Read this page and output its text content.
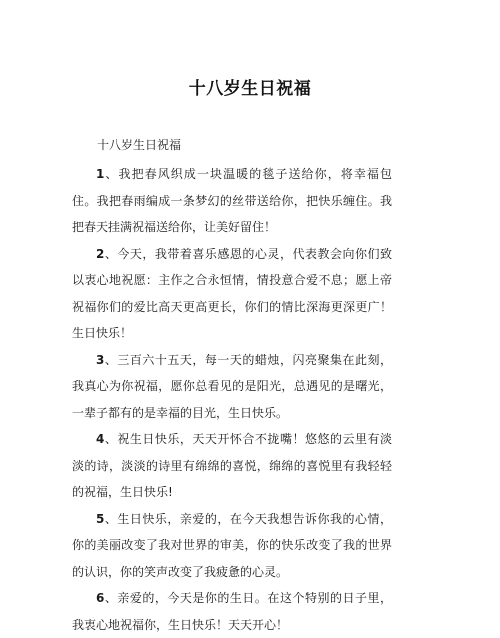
十八岁生日祝福
十八岁生日祝福

1、我把春风织成一块温暖的毯子送给你，将幸福包住。我把春雨编成一条梦幻的丝带送给你，把快乐缠住。我把春天挂满祝福送给你，让美好留住！

2、今天，我带着喜乐感恩的心灵，代表教会向你们致以衷心地祝愿：主作之合永恒情，情投意合爱不息；愿上帝祝福你们的爱比高天更高更长，你们的情比深海更深更广！生日快乐！

3、三百六十五天，每一天的蜡烛，闪亮聚集在此刻，我真心为你祝福，愿你总看见的是阳光，总遇见的是曙光，一辈子都有的是幸福的目光，生日快乐。

4、祝生日快乐，天天开怀合不拢嘴！悠悠的云里有淡淡的诗，淡淡的诗里有绵绵的喜悦，绵绵的喜悦里有我轻轻的祝福，生日快乐!

5、生日快乐，亲爱的，在今天我想告诉你我的心情，你的美丽改变了我对世界的审美，你的快乐改变了我的世界的认识，你的笑声改变了我疲惫的心灵。

6、亲爱的，今天是你的生日。在这个特别的日子里，我衷心地祝福你，生日快乐！天天开心！
